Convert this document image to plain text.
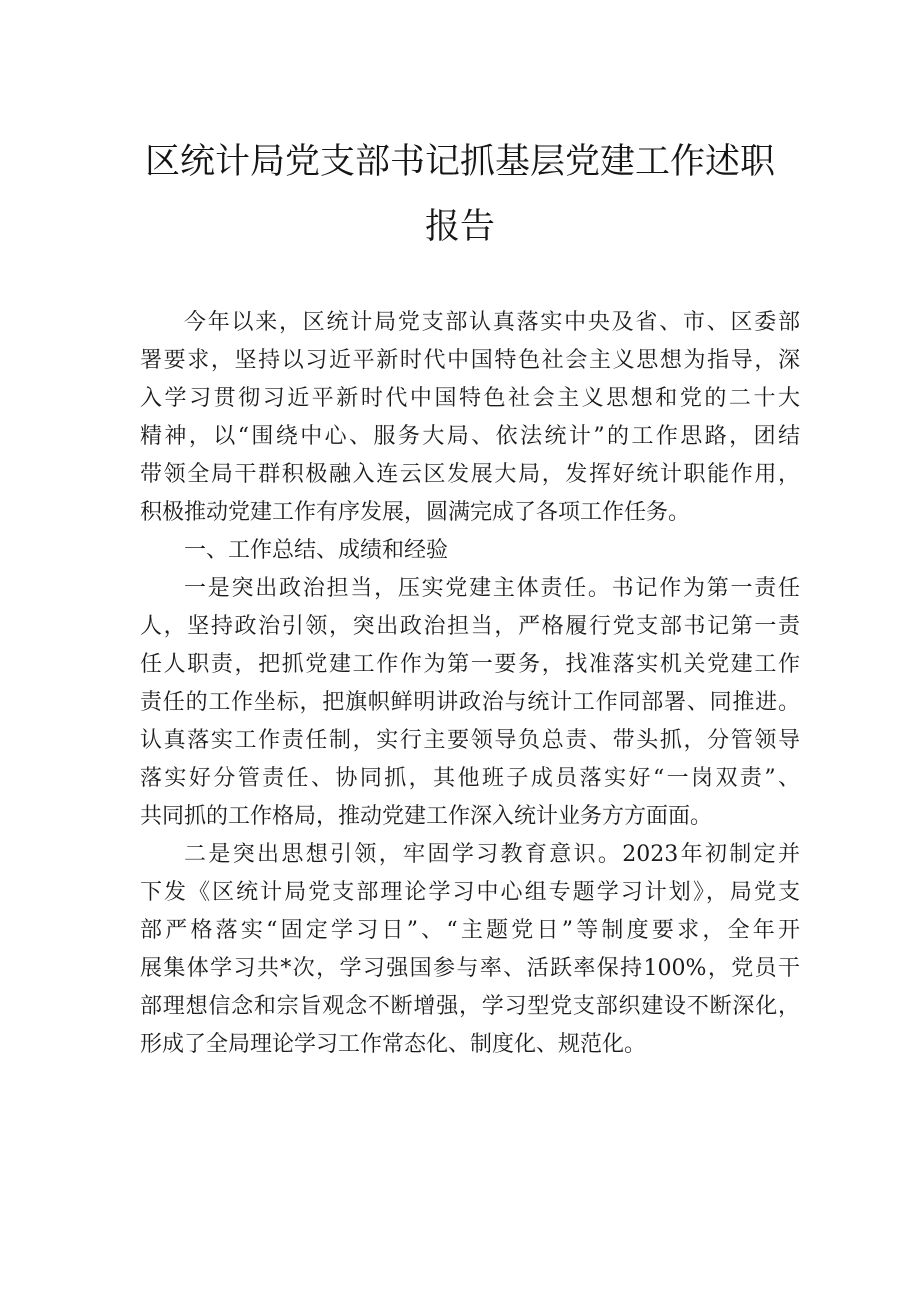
区统计局党支部书记抓基层党建工作述职
报告
今年以来，区统计局党支部认真落实中央及省、市、区委部
署要求，坚持以习近平新时代中国特色社会主义思想为指导，深
入学习贯彻习近平新时代中国特色社会主义思想和党的二十大
精神，以“围绕中心、服务大局、依法统计”的工作思路，团结
带领全局干群积极融入连云区发展大局，发挥好统计职能作用，
积极推动党建工作有序发展，圆满完成了各项工作任务。
一、工作总结、成绩和经验
一是突出政治担当，压实党建主体责任。书记作为第一责任
人，坚持政治引领，突出政治担当，严格履行党支部书记第一责
任人职责，把抓党建工作作为第一要务，找准落实机关党建工作
责任的工作坐标，把旗帜鲜明讲政治与统计工作同部署、同推进。
认真落实工作责任制，实行主要领导负总责、带头抓，分管领导
落实好分管责任、协同抓，其他班子成员落实好“一岗双责”、
共同抓的工作格局，推动党建工作深入统计业务方方面面。
二是突出思想引领，牢固学习教育意识。2023年初制定并
下发《区统计局党支部理论学习中心组专题学习计划》，局党支
部严格落实“固定学习日”、“主题党日”等制度要求，全年开
展集体学习共*次，学习强国参与率、活跃率保持100%，党员干
部理想信念和宗旨观念不断增强，学习型党支部织建设不断深化，
形成了全局理论学习工作常态化、制度化、规范化。
